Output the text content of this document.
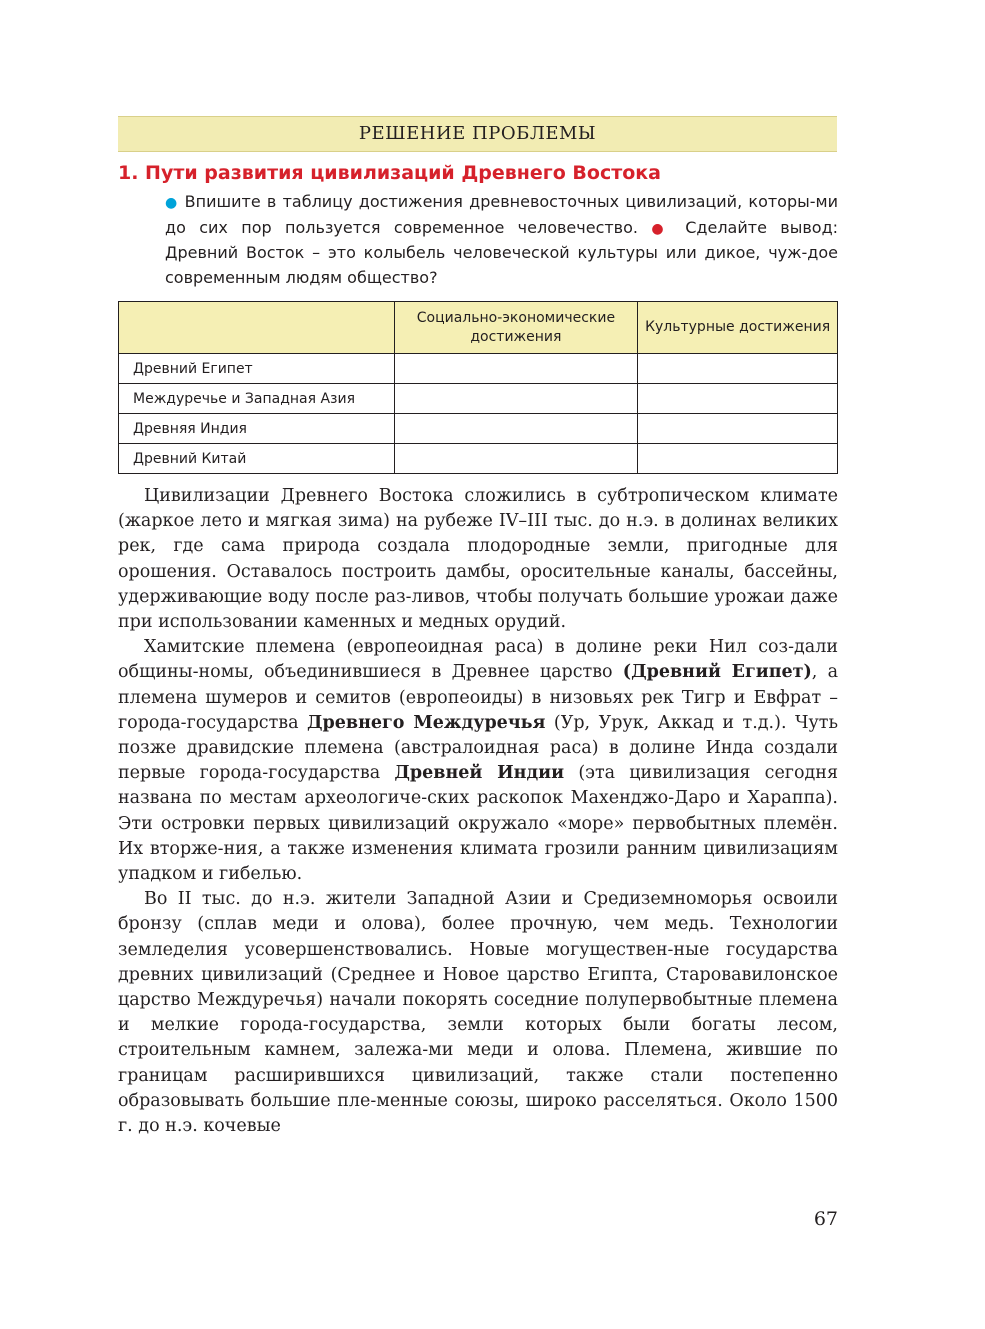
РЕШЕНИЕ ПРОБЛЕМЫ
1. Пути развития цивилизаций Древнего Востока

● Впишите в таблицу достижения древневосточных цивилизаций, которы-ми до сих пор пользуется современное человечество. ● Сделайте вывод: Древний Восток – это колыбель человеческой культуры или дикое, чуж-дое современным людям общество?

	Социально-экономические достижения	Культурные достижения
Древний Египет		
Междуречье и Западная Азия		
Древняя Индия		
Древний Китай		

Цивилизации Древнего Востока сложились в субтропическом климате (жаркое лето и мягкая зима) на рубеже IV–III тыс. до н.э. в долинах великих рек, где сама природа создала плодородные земли, пригодные для орошения. Оставалось построить дамбы, оросительные каналы, бассейны, удерживающие воду после раз-ливов, чтобы получать большие урожаи даже при использовании каменных и медных орудий.

Хамитские племена (европеоидная раса) в долине реки Нил соз-дали общины-номы, объединившиеся в Древнее царство (Древний Египет), а племена шумеров и семитов (европеоиды) в низовьях рек Тигр и Евфрат – города-государства Древнего Междуречья (Ур, Урук, Аккад и т.д.). Чуть позже дравидские племена (австралоидная раса) в долине Инда создали первые города-государства Древней Индии (эта цивилизация сегодня названа по местам археологиче-ских раскопок Махенджо-Даро и Хараппа). Эти островки первых цивилизаций окружало «море» первобытных племён. Их вторже-ния, а также изменения климата грозили ранним цивилизациям упадком и гибелью.

Во II тыс. до н.э. жители Западной Азии и Средиземноморья освоили бронзу (сплав меди и олова), более прочную, чем медь. Технологии земледелия усовершенствовались. Новые могуществен-ные государства древних цивилизаций (Среднее и Новое царство Египта, Старовавилонское царство Междуречья) начали покорять соседние полупервобытные племена и мелкие города-государства, земли которых были богаты лесом, строительным камнем, залежа-ми меди и олова. Племена, жившие по границам расширившихся цивилизаций, также стали постепенно образовывать большие пле-менные союзы, широко расселяться. Около 1500 г. до н.э. кочевые

67
